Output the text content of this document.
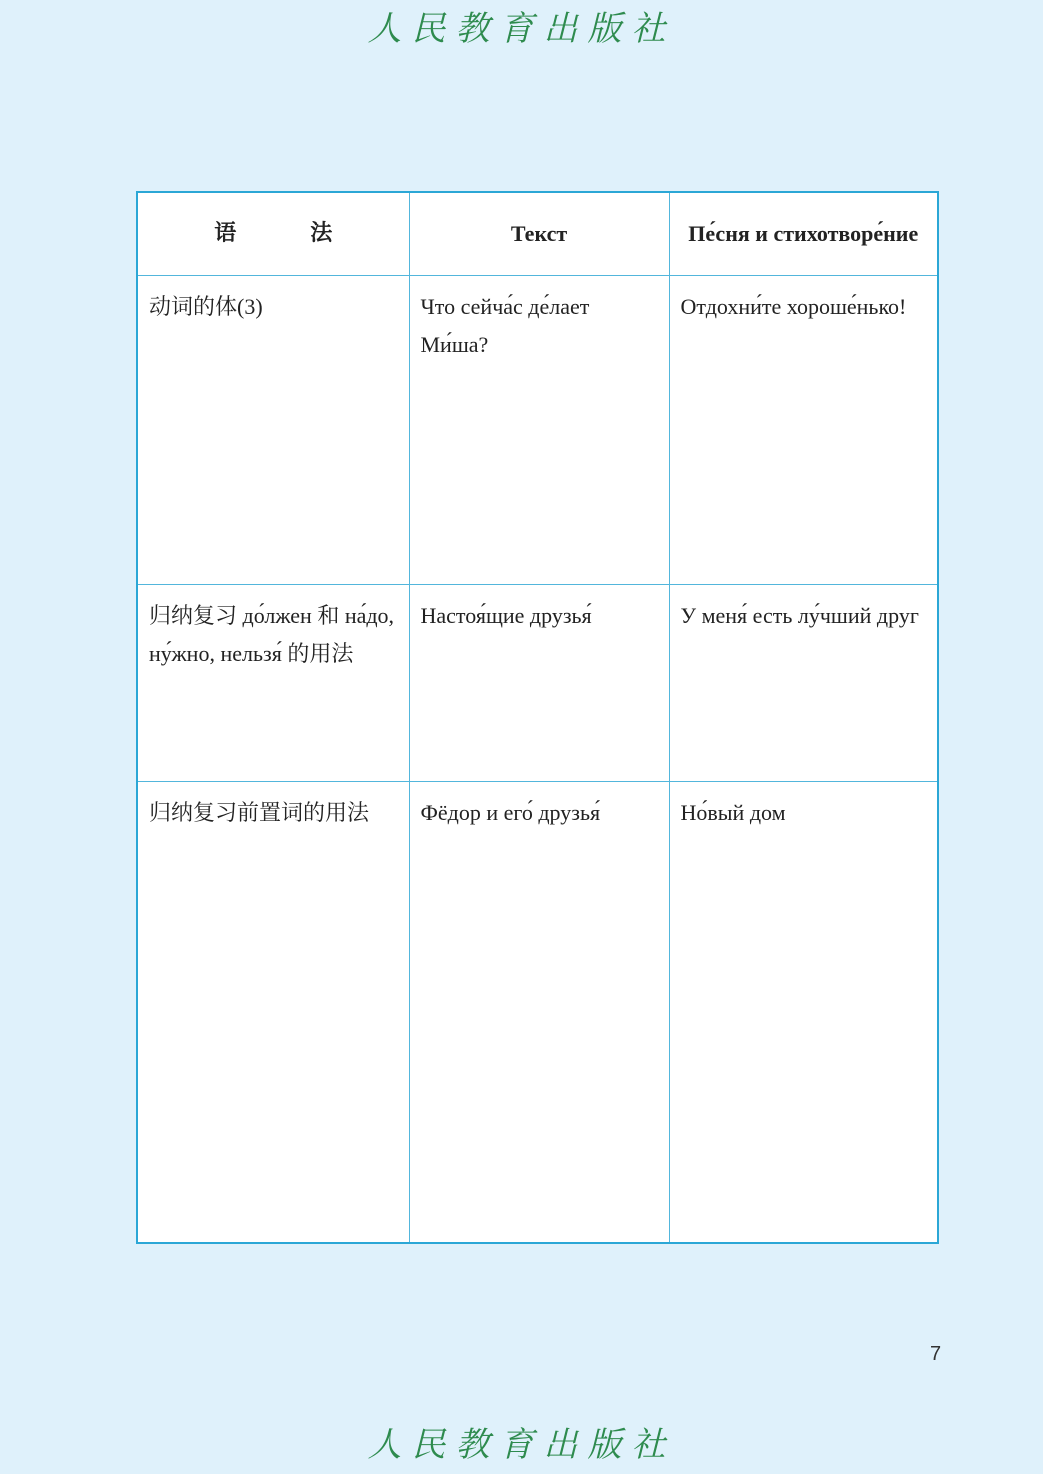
人民教育出版社
语　法	Текст	Пе́сня и стихотворе́ние
动词的体(3)	Что сейча́с де́лает Ми́ша?	Отдохни́те хороше́нько!
归纳复习 до́лжен 和 на́до, ну́жно, нельзя́ 的用法	Настоя́щие друзья́	У меня́ есть лу́чший друг
归纳复习前置词的用法	Фёдор и его́ друзья́	Но́вый дом
7
人民教育出版社
